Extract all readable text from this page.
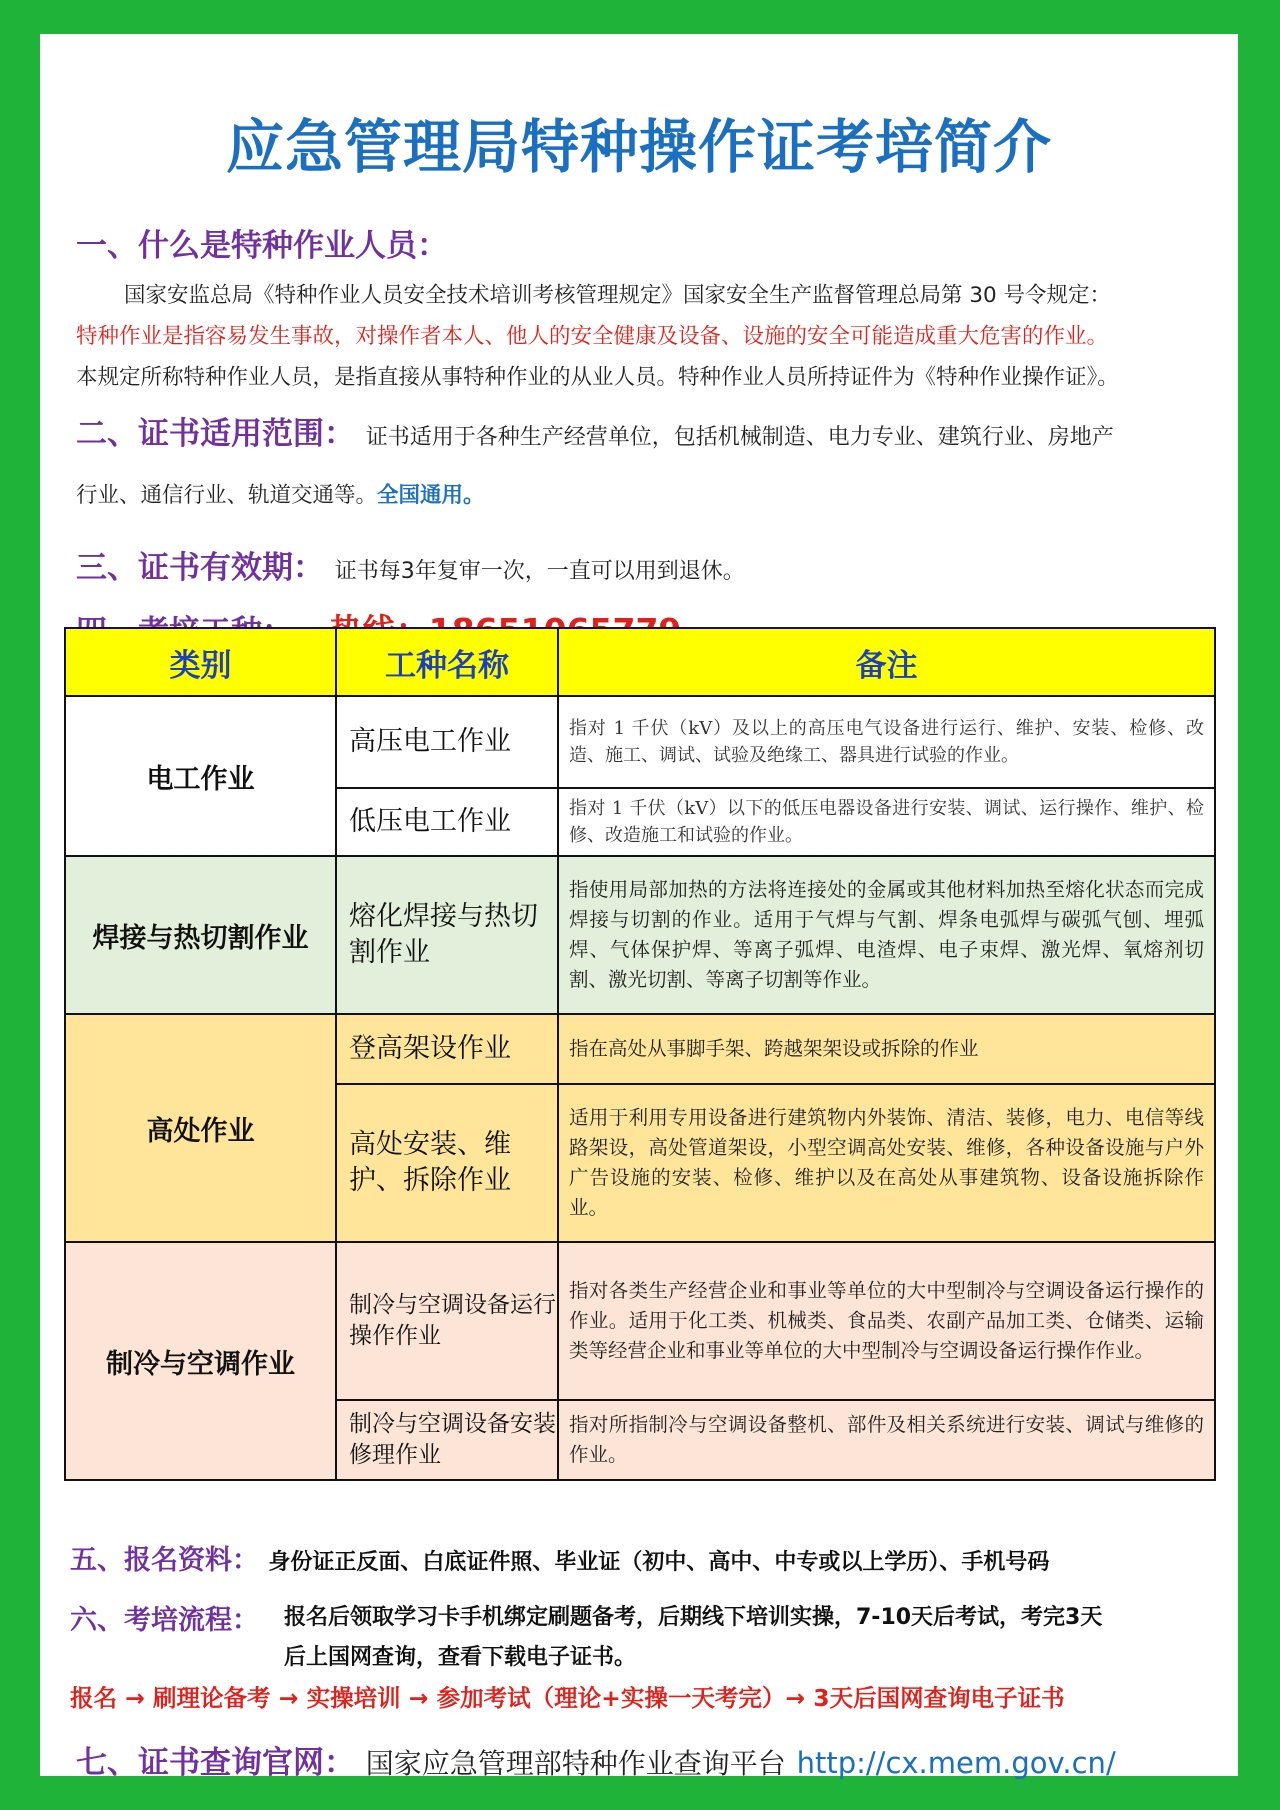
应急管理局特种操作证考培简介
一、什么是特种作业人员：
国家安监总局《特种作业人员安全技术培训考核管理规定》国家安全生产监督管理总局第 30 号令规定：
特种作业是指容易发生事故，对操作者本人、他人的安全健康及设备、设施的安全可能造成重大危害的作业。
本规定所称特种作业人员，是指直接从事特种作业的从业人员。特种作业人员所持证件为《特种作业操作证》。
二、证书适用范围： 证书适用于各种生产经营单位，包括机械制造、电力专业、建筑行业、房地产
行业、通信行业、轨道交通等。全国通用。
三、证书有效期： 证书每3年复审一次，一直可以用到退休。
类别	工种名称	备注
电工作业	高压电工作业	指对 1 千伏（kV）及以上的高压电气设备进行运行、维护、安装、检修、改造、施工、调试、试验及绝缘工、器具进行试验的作业。
	低压电工作业	指对 1 千伏（kV）以下的低压电器设备进行安装、调试、运行操作、维护、检修、改造施工和试验的作业。
焊接与热切割作业	熔化焊接与热切割作业	指使用局部加热的方法将连接处的金属或其他材料加热至熔化状态而完成焊接与切割的作业。适用于气焊与气割、焊条电弧焊与碳弧气刨、埋弧焊、气体保护焊、等离子弧焊、电渣焊、电子束焊、激光焊、氧熔剂切割、激光切割、等离子切割等作业。
高处作业	登高架设作业	指在高处从事脚手架、跨越架架设或拆除的作业
	高处安装、维护、拆除作业	适用于利用专用设备进行建筑物内外装饰、清洁、装修，电力、电信等线路架设，高处管道架设，小型空调高处安装、维修，各种设备设施与户外广告设施的安装、检修、维护以及在高处从事建筑物、设备设施拆除作业。
制冷与空调作业	制冷与空调设备运行操作作业	指对各类生产经营企业和事业等单位的大中型制冷与空调设备运行操作的作业。适用于化工类、机械类、食品类、农副产品加工类、仓储类、运输类等经营企业和事业等单位的大中型制冷与空调设备运行操作作业。
	制冷与空调设备安装修理作业	指对所指制冷与空调设备整机、部件及相关系统进行安装、调试与维修的作业。
五、报名资料： 身份证正反面、白底证件照、毕业证（初中、高中、中专或以上学历）、手机号码
六、考培流程： 报名后领取学习卡手机绑定刷题备考，后期线下培训实操，7-10天后考试，考完3天
后上国网查询，查看下载电子证书。
报名 → 刷理论备考 → 实操培训 → 参加考试（理论+实操一天考完）→ 3天后国网查询电子证书
七、证书查询官网： 国家应急管理部特种作业查询平台 http://cx.mem.gov.cn/
